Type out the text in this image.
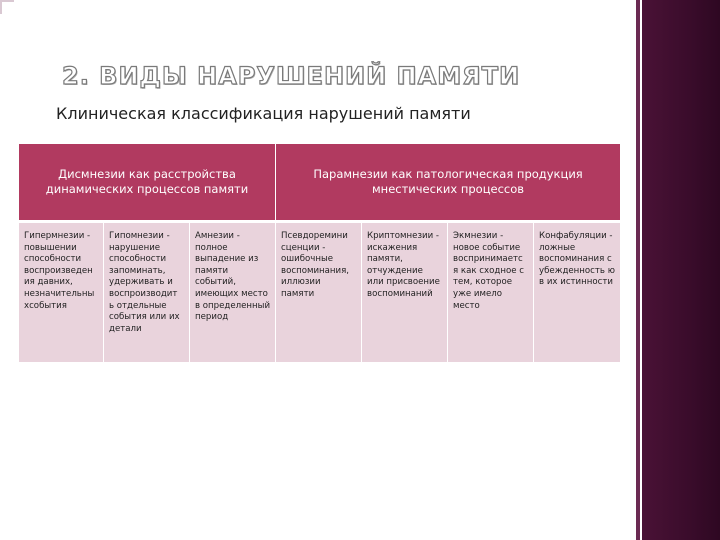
2. ВИДЫ НАРУШЕНИЙ ПАМЯТИ
Клиническая классификация нарушений памяти
Дисмнезии как расстройства динамических процессов памяти			Парамнезии как патологическая продукция мнестических процессов			
Гипермнезии - повышении способности воспроизведен ия давних, незначительны хсобытия	Гипомнезии - нарушение способности запоминать, удерживать и воспроизводит ь отдельные события или их детали	Амнезии - полное выпадение из памяти событий, имеющих место в определенный период	Псевдоремини сценции - ошибочные воспоминания, иллюзии памяти	Криптомнезии - искажения памяти, отчуждение или присвоение воспоминаний	Экмнезии - новое событие воспринимаетс я как сходное с тем, которое уже имело место	Конфабуляции - ложные воспоминания с убежденность ю в их истинности
